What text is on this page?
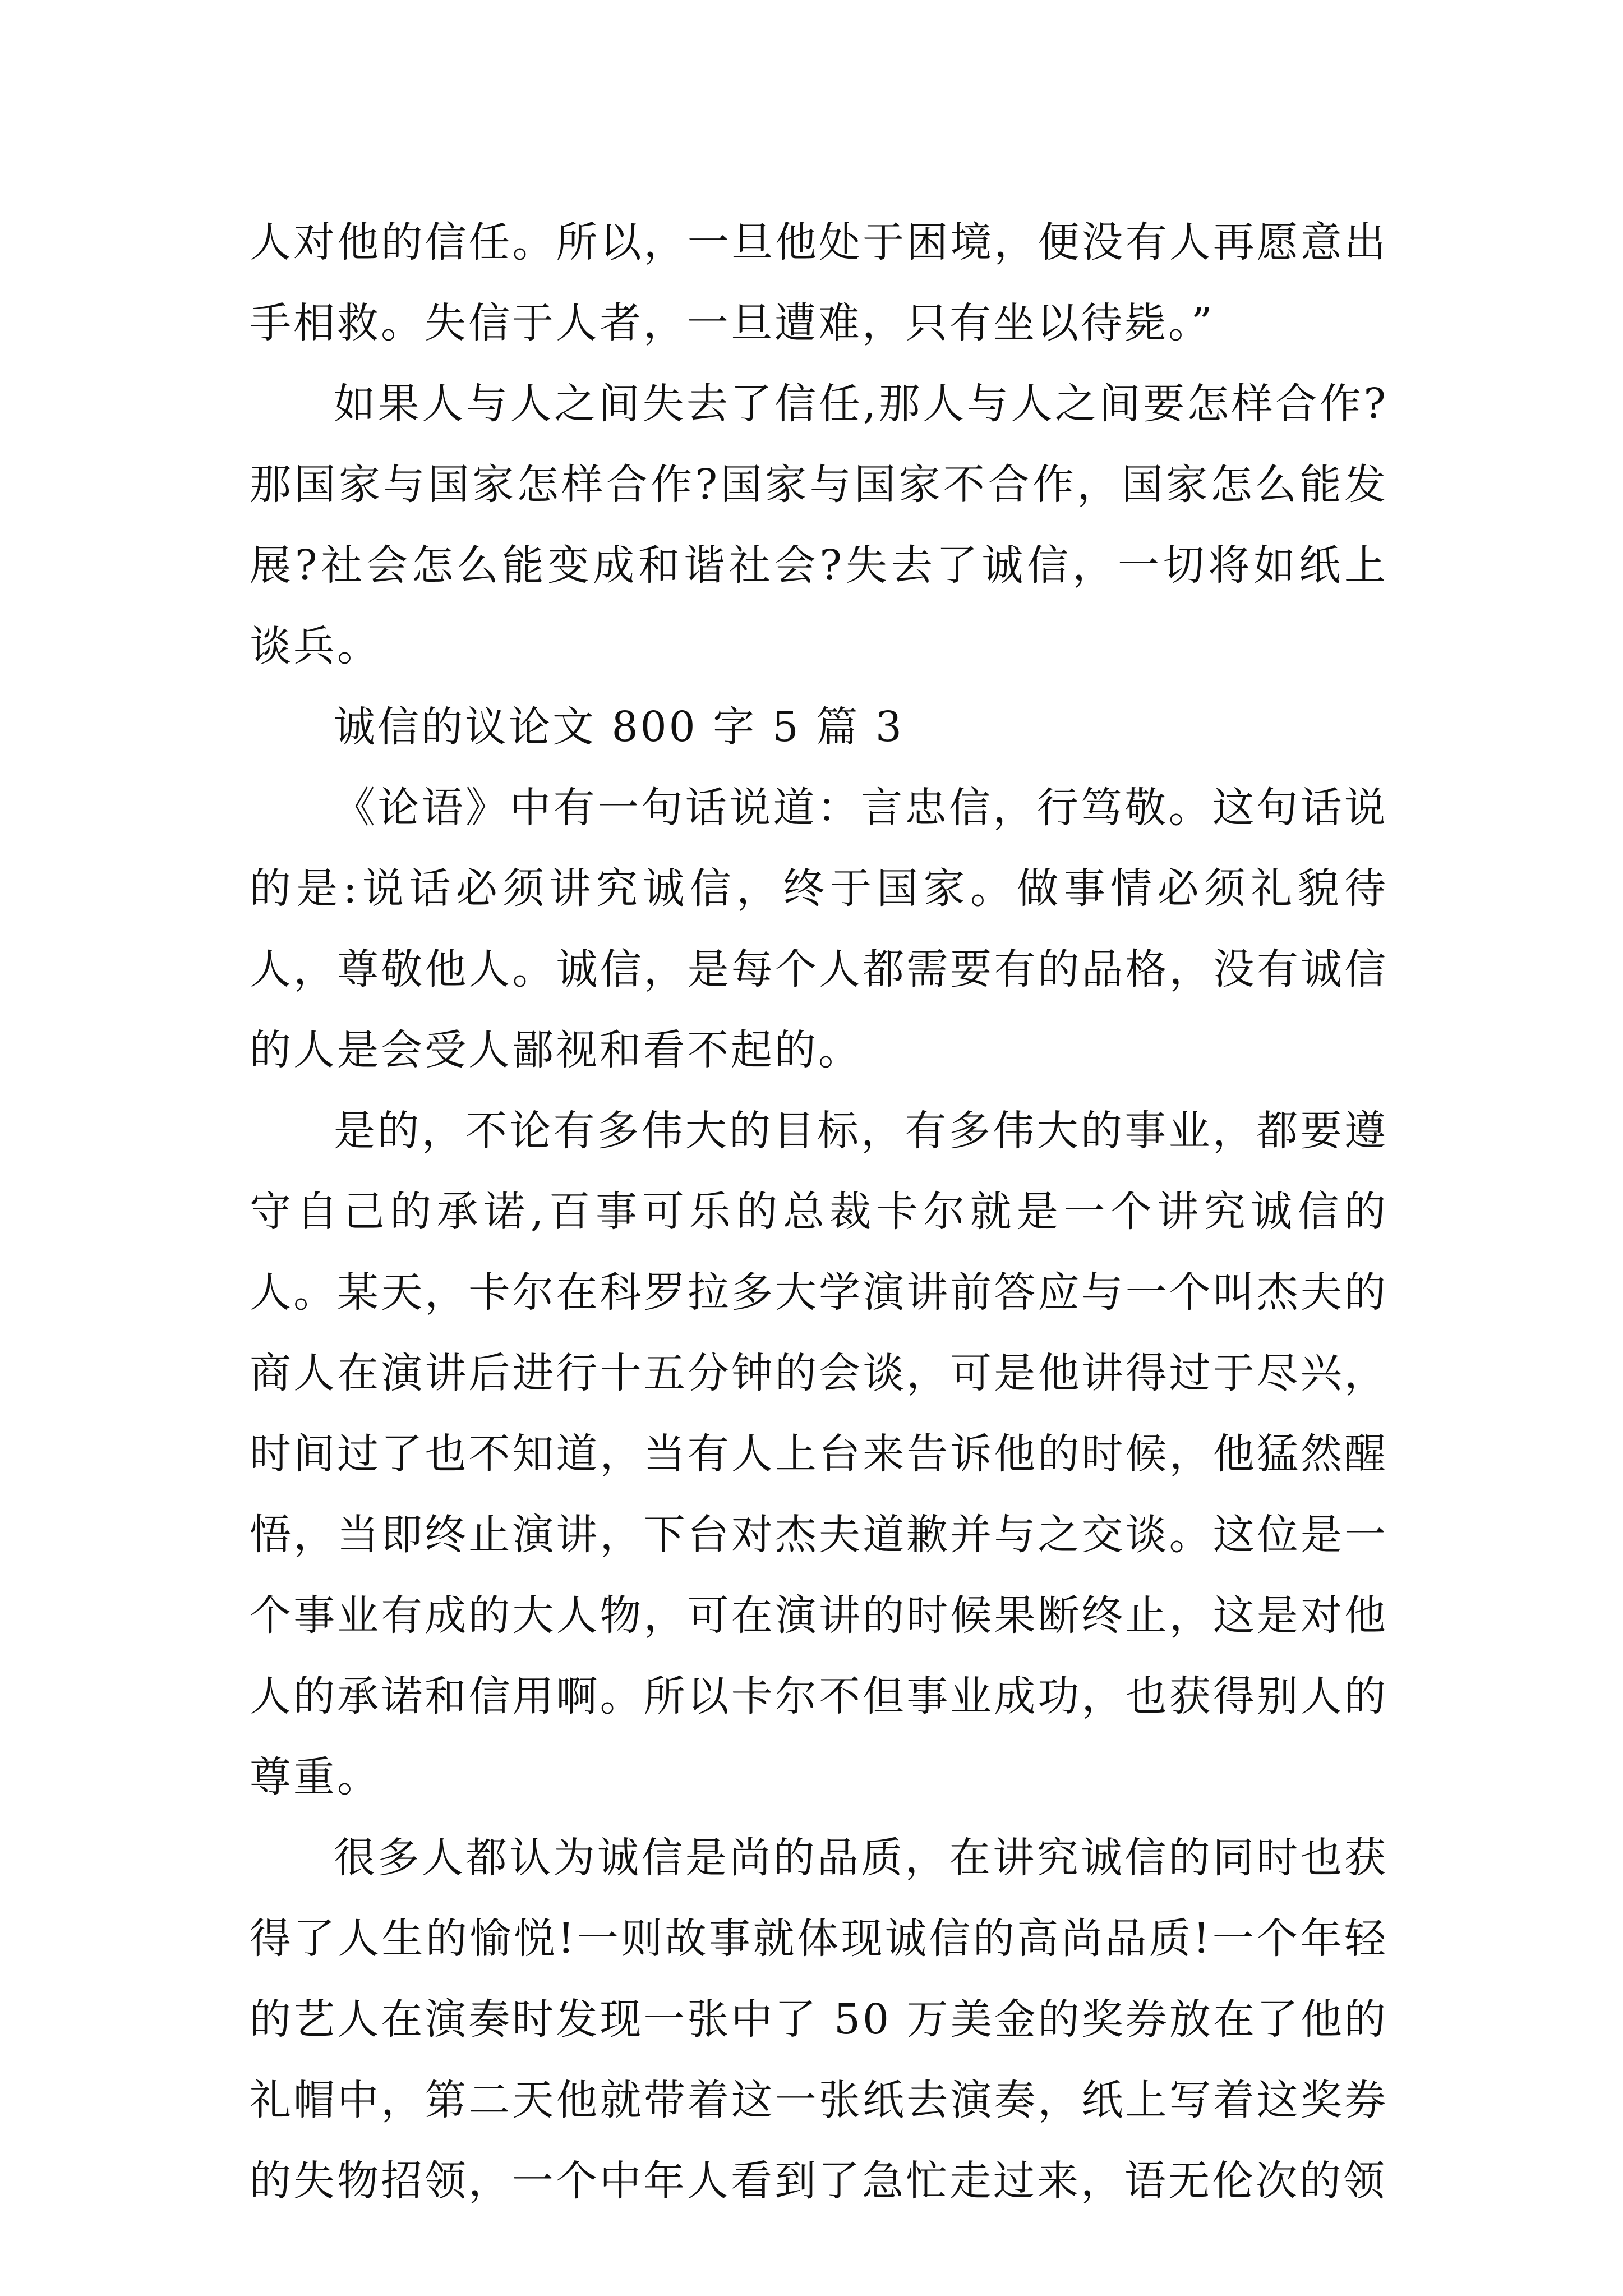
人对他的信任。所以，一旦他处于困境，便没有人再愿意出手相救。失信于人者，一旦遭难，只有坐以待毙。”

如果人与人之间失去了信任,那人与人之间要怎样合作?那国家与国家怎样合作?国家与国家不合作，国家怎么能发展?社会怎么能变成和谐社会?失去了诚信，一切将如纸上谈兵。

诚信的议论文 800 字 5 篇 3

《论语》中有一句话说道：言忠信，行笃敬。这句话说的是:说话必须讲究诚信，终于国家。做事情必须礼貌待人，尊敬他人。诚信，是每个人都需要有的品格，没有诚信的人是会受人鄙视和看不起的。

是的，不论有多伟大的目标，有多伟大的事业，都要遵守自己的承诺,百事可乐的总裁卡尔就是一个讲究诚信的人。某天，卡尔在科罗拉多大学演讲前答应与一个叫杰夫的商人在演讲后进行十五分钟的会谈，可是他讲得过于尽兴，时间过了也不知道，当有人上台来告诉他的时候，他猛然醒悟，当即终止演讲，下台对杰夫道歉并与之交谈。这位是一个事业有成的大人物，可在演讲的时候果断终止，这是对他人的承诺和信用啊。所以卡尔不但事业成功，也获得别人的尊重。

很多人都认为诚信是尚的品质，在讲究诚信的同时也获得了人生的愉悦!一则故事就体现诚信的高尚品质!一个年轻的艺人在演奏时发现一张中了 50 万美金的奖券放在了他的礼帽中，第二天他就带着这一张纸去演奏，纸上写着这奖券的失物招领，一个中年人看到了急忙走过来，语无伦次的领
